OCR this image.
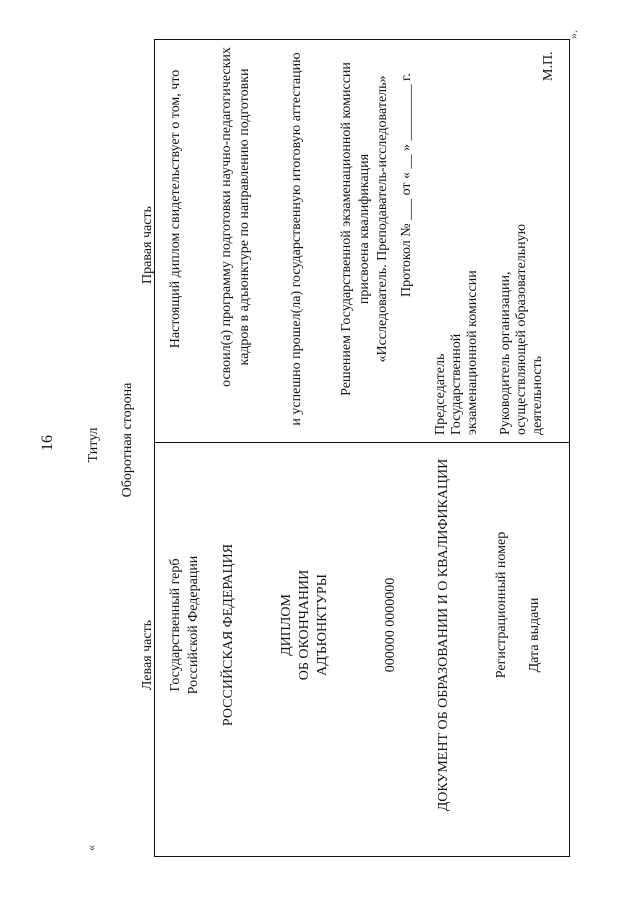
16 Титул Оборотная сторона
Левая часть
Правая часть
Государственный герб Российской Федерации РОССИЙСКАЯ ФЕДЕРАЦИЯ	ДИПЛОМ ОБ ОКОНЧАНИИ АДЪЮНКТУРЫ	000000 0000000	ДОКУМЕНТ ОБ ОБРАЗОВАНИИ И О КВАЛИФИКАЦИИ	Регистрационный номер Дата выдачи
Настоящий диплом свидетельствует о том, что	освоил(а) программу подготовки научно-педагогических кадров в адъюнктуре по направлению подготовки	и успешно прошел(ла) государственную итоговую аттестацию	Решением Государственной экзаменационной комиссии присвоена квалификация «Исследователь. Преподаватель-исследователь» Протокол № ___ от « __ » ________ г.
Председатель Государственной экзаменационной комиссии Руководитель организации, осуществляющей образовательную деятельность
М.П.
«
».
